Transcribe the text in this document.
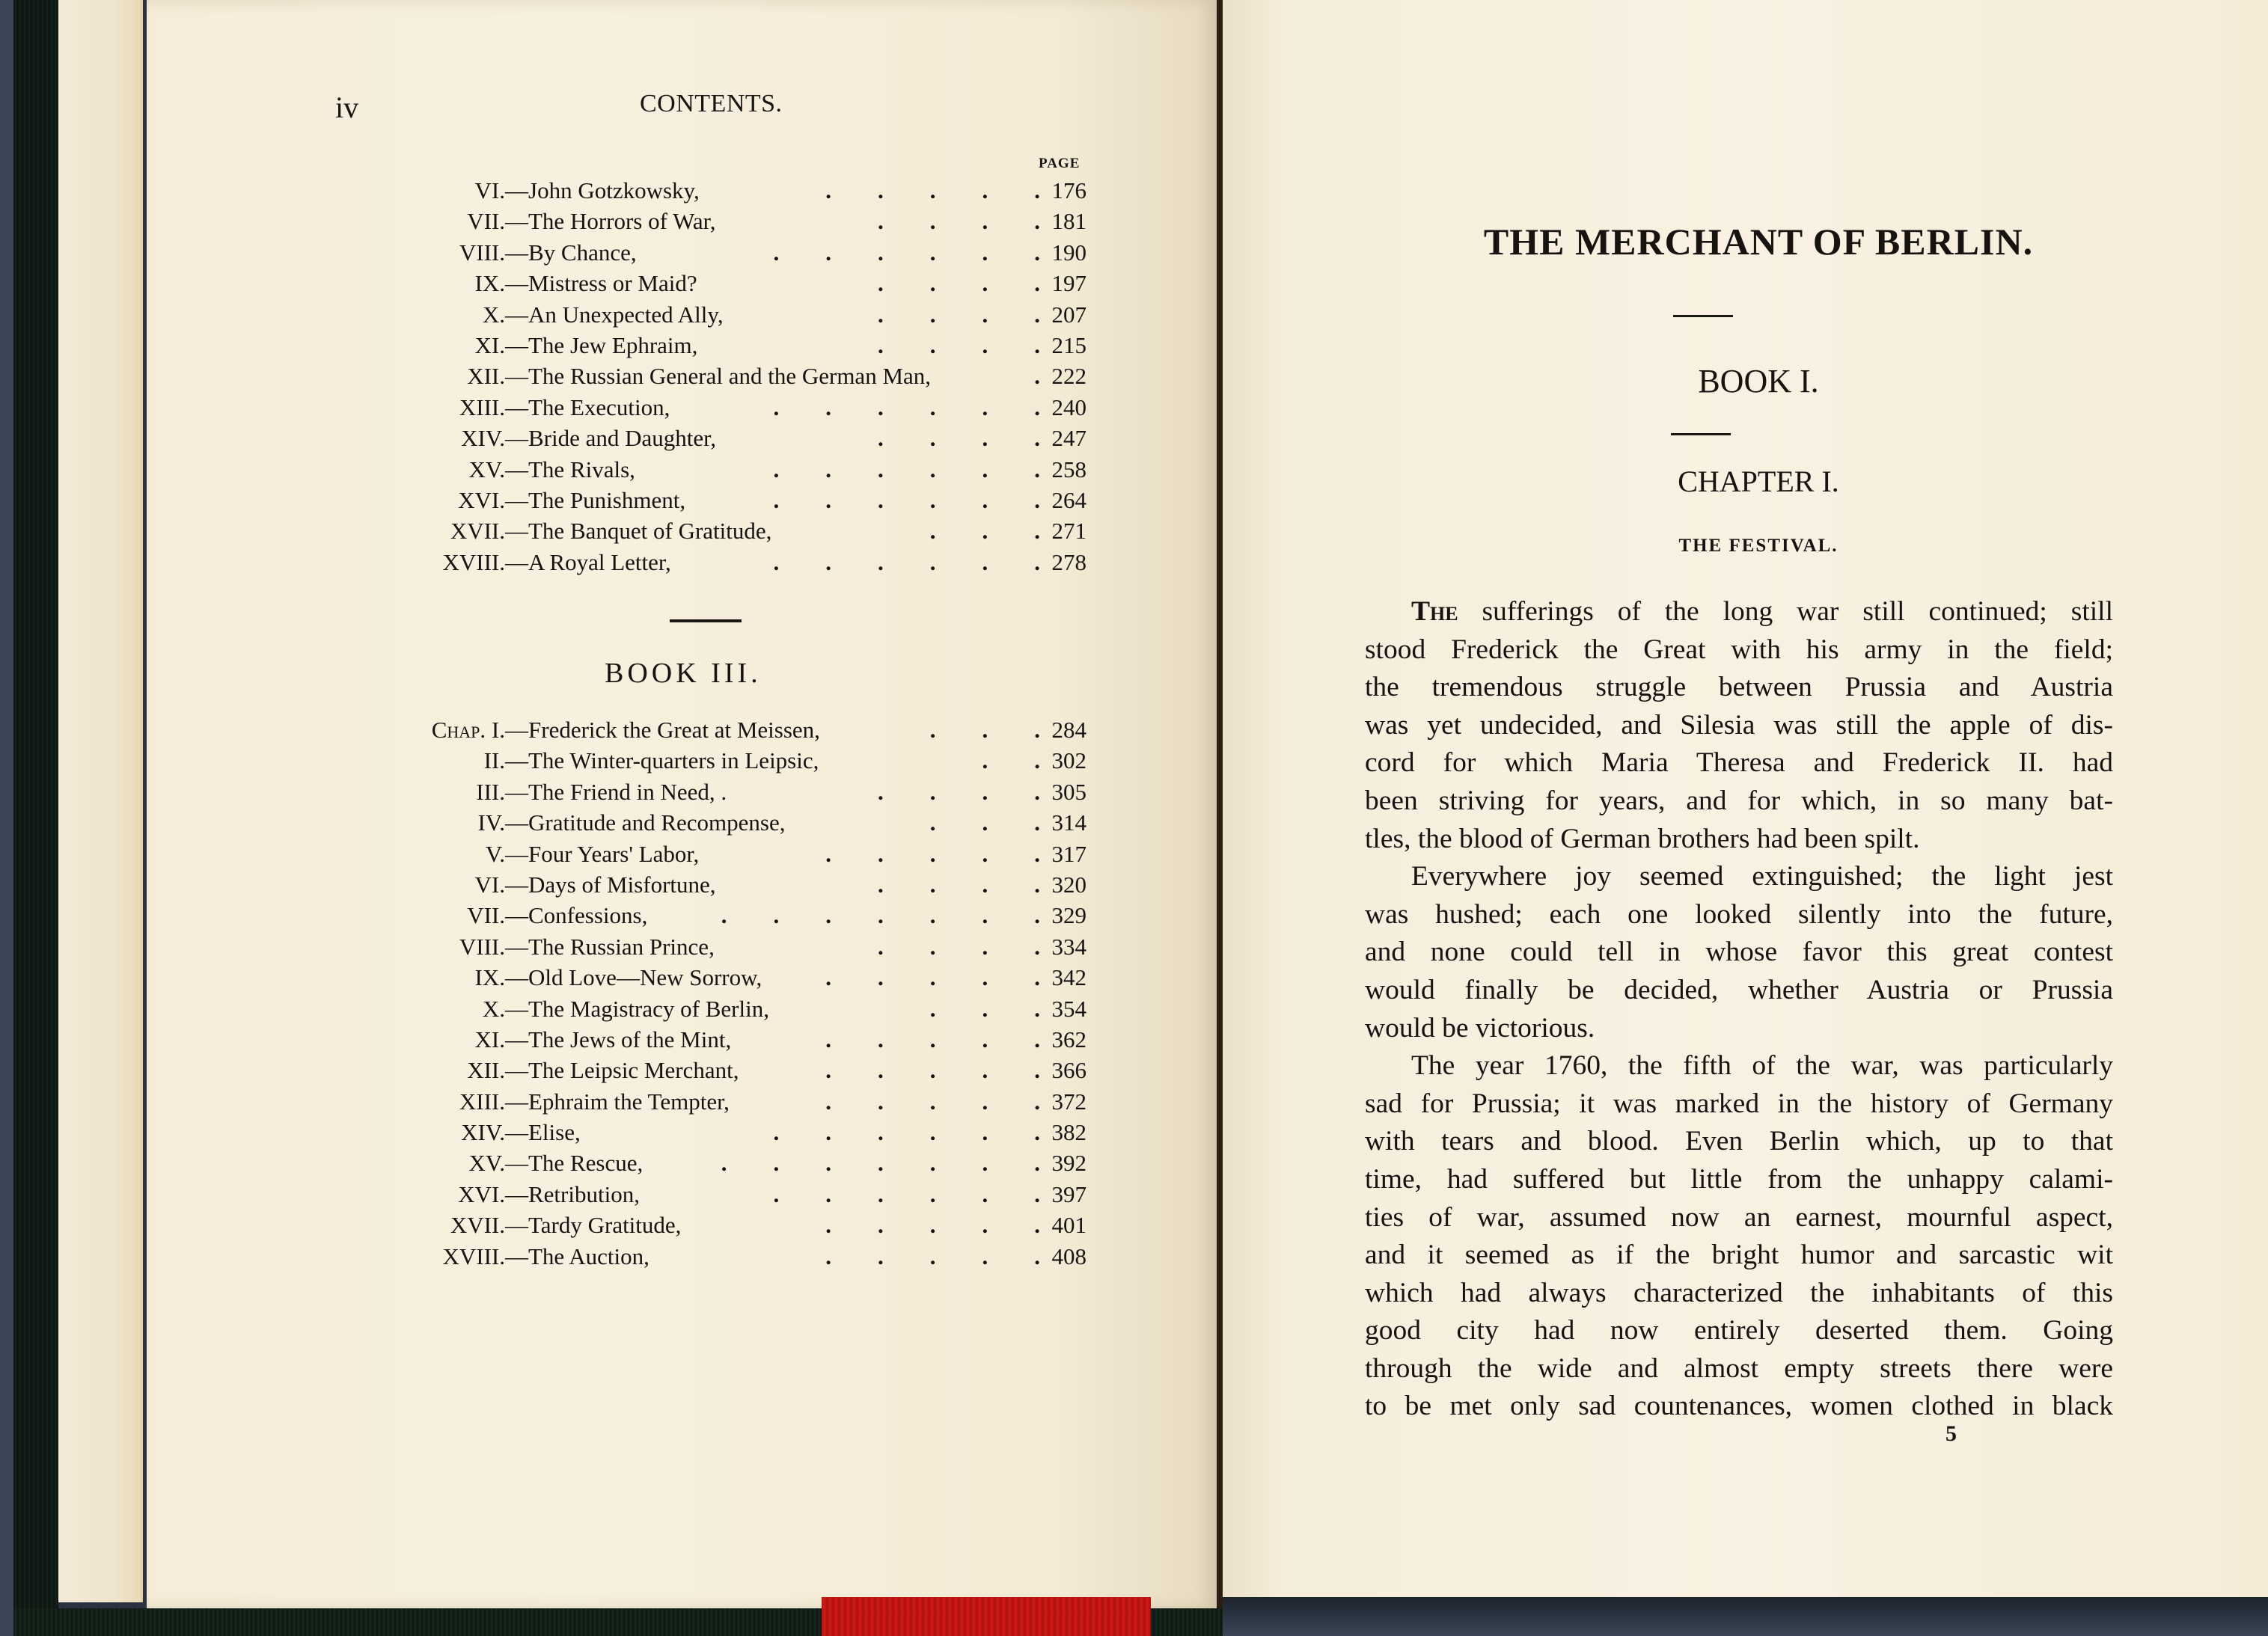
iv	CONTENTS.
PAGE
VI. —John Gotzkowsky,	.        .        .        .        . 176
VII. —The Horrors of War,	.        .        .        . 181
VIII. —By Chance,	.        .        .        .        .        . 190
IX. —Mistress or Maid?	.        .        .        . 197
X. —An Unexpected Ally,	.        .        .        . 207
XI. —The Jew Ephraim,	.        .        .        . 215
XII. —The Russian General and the German Man,	. 222
XIII. —The Execution,	.        .        .        .        .        . 240
XIV. —Bride and Daughter,	.        .        .        . 247
XV. —The Rivals,	.        .        .        .        .        . 258
XVI. —The Punishment,	.        .        .        .        .        . 264
XVII. —The Banquet of Gratitude,	.        .        . 271
XVIII. —A Royal Letter,	.        .        .        .        .        . 278
BOOK III.
Chap. I. —Frederick the Great at Meissen,	.        .        . 284
II. —The Winter-quarters in Leipsic,	.        . 302
III. —The Friend in Need, .	.        .        .        . 305
IV. —Gratitude and Recompense,	.        .        . 314
V. —Four Years' Labor,	.        .        .        .        . 317
VI. —Days of Misfortune,	.        .        .        . 320
VII. —Confessions,	.        .        .        .        .        .        . 329
VIII. —The Russian Prince,	.        .        .        . 334
IX. —Old Love—New Sorrow,	.        .        .        .        . 342
X. —The Magistracy of Berlin,	.        .        . 354
XI. —The Jews of the Mint,	.        .        .        .        . 362
XII. —The Leipsic Merchant,	.        .        .        .        . 366
XIII. —Ephraim the Tempter,	.        .        .        .        . 372
XIV. —Elise,	.        .        .        .        .        . 382
XV. —The Rescue,	.        .        .        .        .        .        . 392
XVI. —Retribution,	.        .        .        .        .        . 397
XVII. —Tardy Gratitude,	.        .        .        .        . 401
XVIII. —The Auction,	.        .        .        .        . 408
THE MERCHANT OF BERLIN.
BOOK I.
CHAPTER I.
THE FESTIVAL.
The sufferings of the long war still continued; still
stood Frederick the Great with his army in the field;
the tremendous struggle between Prussia and Austria
was yet undecided, and Silesia was still the apple of dis-
cord for which Maria Theresa and Frederick II. had
been striving for years, and for which, in so many bat-
tles, the blood of German brothers had been spilt.
Everywhere joy seemed extinguished; the light jest
was hushed; each one looked silently into the future,
and none could tell in whose favor this great contest
would finally be decided, whether Austria or Prussia
would be victorious.
The year 1760, the fifth of the war, was particularly
sad for Prussia; it was marked in the history of Germany
with tears and blood. Even Berlin which, up to that
time, had suffered but little from the unhappy calami-
ties of war, assumed now an earnest, mournful aspect,
and it seemed as if the bright humor and sarcastic wit
which had always characterized the inhabitants of this
good city had now entirely deserted them. Going
through the wide and almost empty streets there were
to be met only sad countenances, women clothed in black
5
